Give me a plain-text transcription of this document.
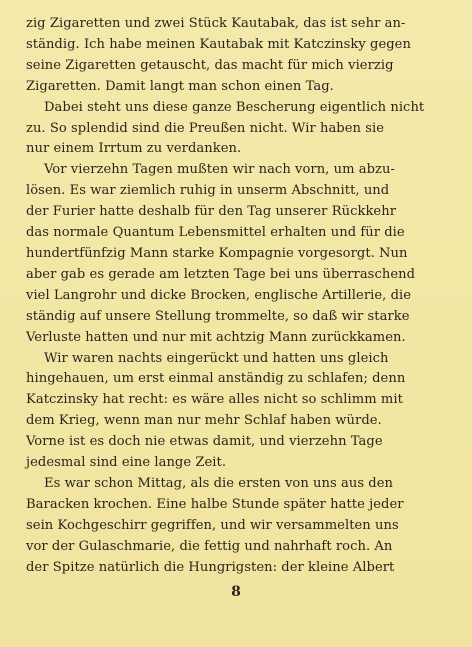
zig Zigaretten und zwei Stück Kautabak, das ist sehr an-
ständig. Ich habe meinen Kautabak mit Katczinsky gegen
seine Zigaretten getauscht, das macht für mich vierzig
Zigaretten. Damit langt man schon einen Tag.
Dabei steht uns diese ganze Bescherung eigentlich nicht
zu. So splendid sind die Preußen nicht. Wir haben sie
nur einem Irrtum zu verdanken.
Vor vierzehn Tagen mußten wir nach vorn, um abzu-
lösen. Es war ziemlich ruhig in unserm Abschnitt, und
der Furier hatte deshalb für den Tag unserer Rückkehr
das normale Quantum Lebensmittel erhalten und für die
hundertfünfzig Mann starke Kompagnie vorgesorgt. Nun
aber gab es gerade am letzten Tage bei uns überraschend
viel Langrohr und dicke Brocken, englische Artillerie, die
ständig auf unsere Stellung trommelte, so daß wir starke
Verluste hatten und nur mit achtzig Mann zurückkamen.
Wir waren nachts eingerückt und hatten uns gleich
hingehauen, um erst einmal anständig zu schlafen; denn
Katczinsky hat recht: es wäre alles nicht so schlimm mit
dem Krieg, wenn man nur mehr Schlaf haben würde.
Vorne ist es doch nie etwas damit, und vierzehn Tage
jedesmal sind eine lange Zeit.
Es war schon Mittag, als die ersten von uns aus den
Baracken krochen. Eine halbe Stunde später hatte jeder
sein Kochgeschirr gegriffen, und wir versammelten uns
vor der Gulaschmarie, die fettig und nahrhaft roch. An
der Spitze natürlich die Hungrigsten: der kleine Albert
8
